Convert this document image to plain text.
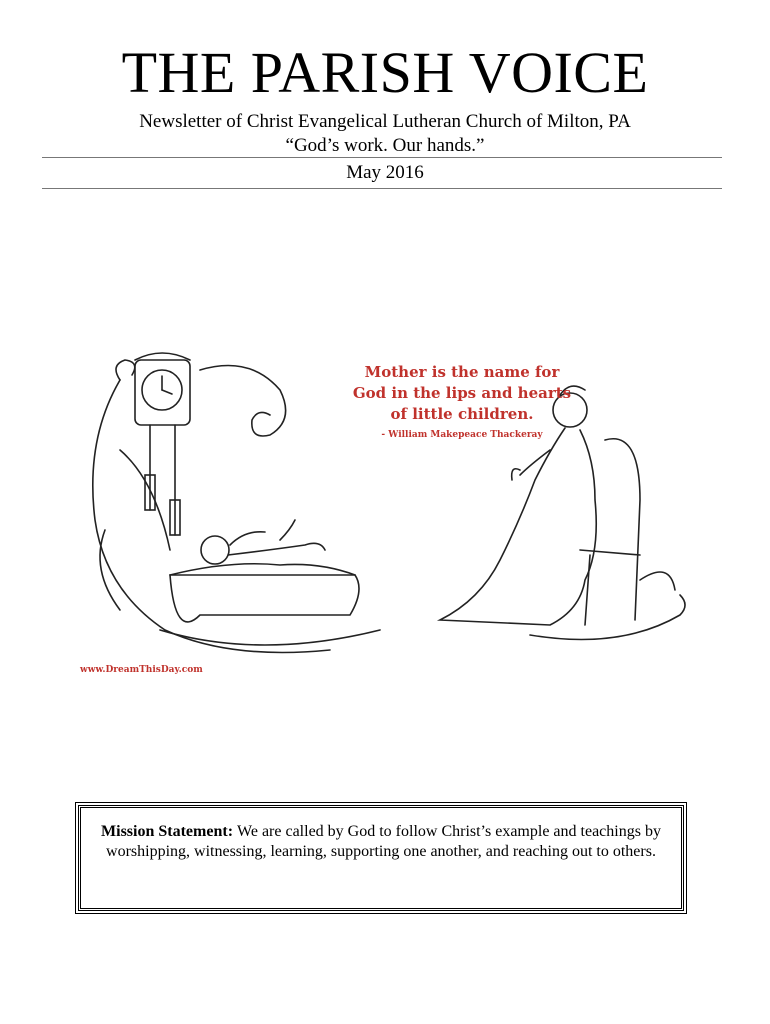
THE PARISH VOICE
Newsletter of Christ Evangelical Lutheran Church of Milton, PA
“God’s work. Our hands.”
May 2016
Mother is the name for
God in the lips and hearts
of little children.
- William Makepeace Thackeray
www.DreamThisDay.com
Mission Statement: We are called by God to follow Christ’s example and teachings by worshipping, witnessing, learning, supporting one another, and reaching out to others.
